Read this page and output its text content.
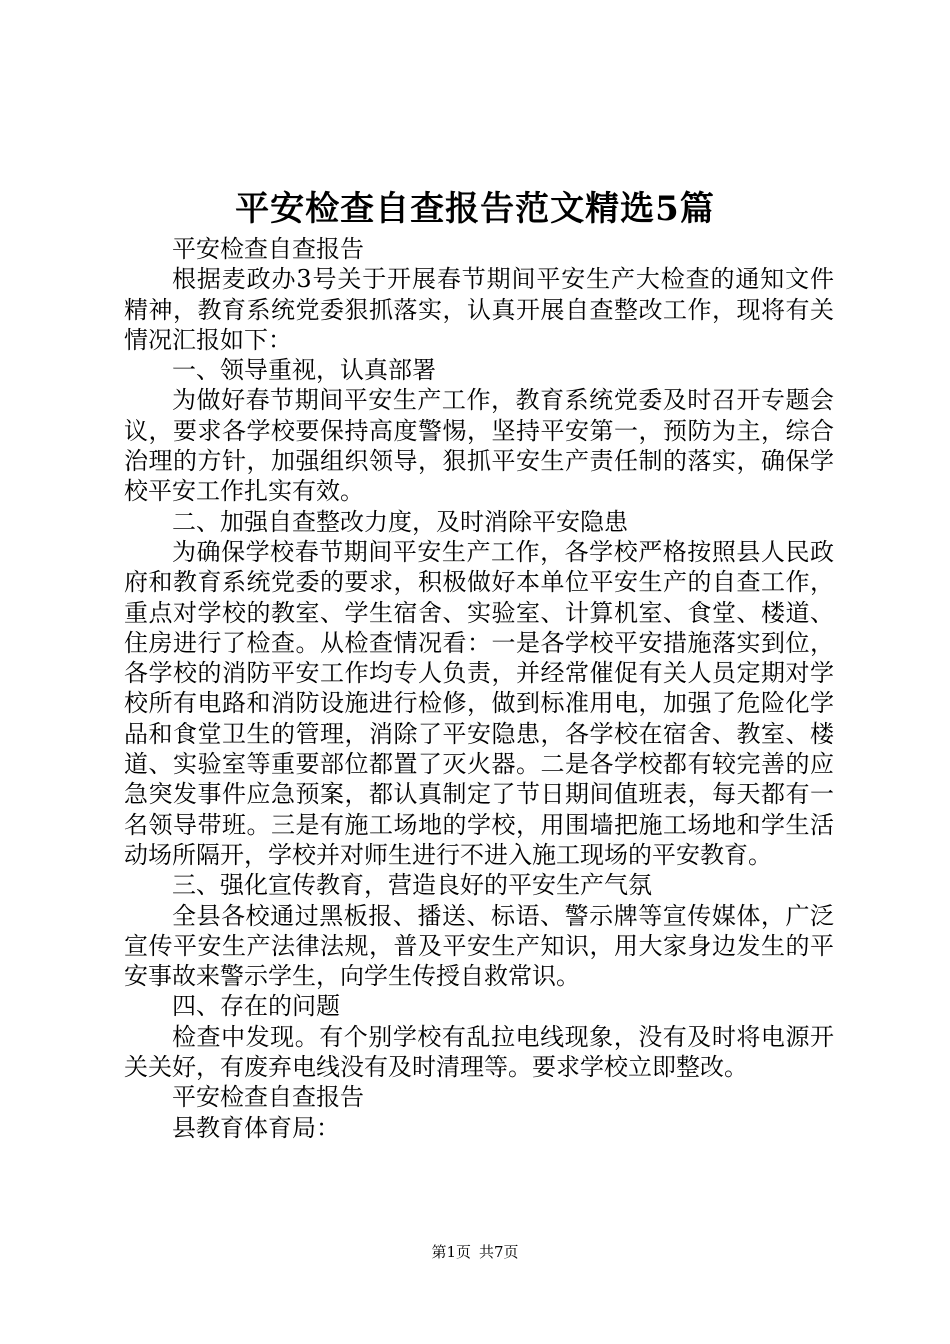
平安检查自查报告范文精选5篇

平安检查自查报告

根据麦政办3号关于开展春节期间平安生产大检查的通知文件精神，教育系统党委狠抓落实，认真开展自查整改工作，现将有关情况汇报如下：

一、领导重视，认真部署

为做好春节期间平安生产工作，教育系统党委及时召开专题会议，要求各学校要保持高度警惕，坚持平安第一，预防为主，综合治理的方针，加强组织领导，狠抓平安生产责任制的落实，确保学校平安工作扎实有效。

二、加强自查整改力度，及时消除平安隐患

为确保学校春节期间平安生产工作，各学校严格按照县人民政府和教育系统党委的要求，积极做好本单位平安生产的自查工作，重点对学校的教室、学生宿舍、实验室、计算机室、食堂、楼道、住房进行了检查。从检查情况看：一是各学校平安措施落实到位，各学校的消防平安工作均专人负责，并经常催促有关人员定期对学校所有电路和消防设施进行检修，做到标准用电，加强了危险化学品和食堂卫生的管理，消除了平安隐患，各学校在宿舍、教室、楼道、实验室等重要部位都置了灭火器。二是各学校都有较完善的应急突发事件应急预案，都认真制定了节日期间值班表，每天都有一名领导带班。三是有施工场地的学校，用围墙把施工场地和学生活动场所隔开，学校并对师生进行不进入施工现场的平安教育。

三、强化宣传教育，营造良好的平安生产气氛

全县各校通过黑板报、播送、标语、警示牌等宣传媒体，广泛宣传平安生产法律法规，普及平安生产知识，用大家身边发生的平安事故来警示学生，向学生传授自救常识。

四、存在的问题

检查中发现。有个别学校有乱拉电线现象，没有及时将电源开关关好，有废弃电线没有及时清理等。要求学校立即整改。

平安检查自查报告

县教育体育局：

第1页 共7页
